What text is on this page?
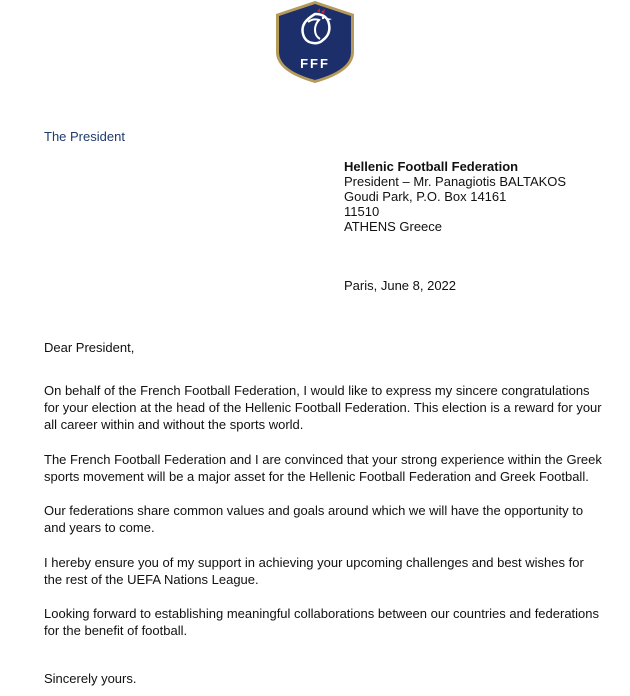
FFF
The President
Hellenic Football Federation
President – Mr. Panagiotis BALTAKOS
Goudi Park, P.O. Box 14161
11510
ATHENS Greece
Paris, June 8, 2022
Dear President,

On behalf of the French Football Federation, I would like to express my sincere congratulations for your election at the head of the Hellenic Football Federation. This election is a reward for your all career within and without the sports world.

The French Football Federation and I are convinced that your strong experience within the Greek sports movement will be a major asset for the Hellenic Football Federation and Greek Football.

Our federations share common values and goals around which we will have the opportunity to and years to come.

I hereby ensure you of my support in achieving your upcoming challenges and best wishes for the rest of the UEFA Nations League.

Looking forward to establishing meaningful collaborations between our countries and federations for the benefit of football.

Sincerely yours.
